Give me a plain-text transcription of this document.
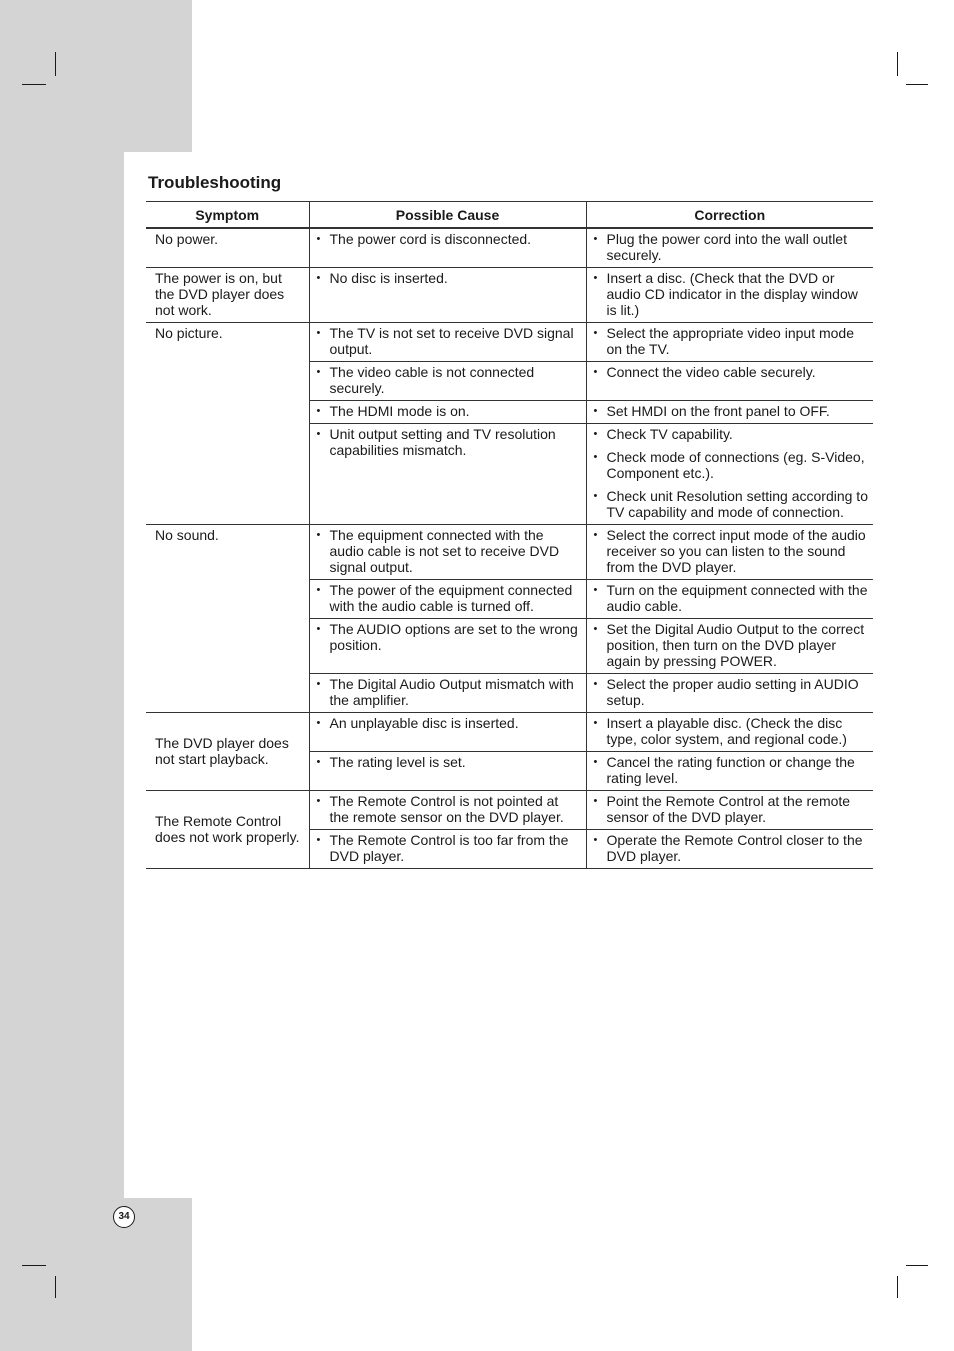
Troubleshooting
Symptom	Possible Cause	Correction
No power.	• The power cord is disconnected.	• Plug the power cord into the wall outlet securely.

The power is on, but the DVD player does not work.	• No disc is inserted.	• Insert a disc. (Check that the DVD or audio CD indicator in the display window is lit.)

No picture.	• The TV is not set to receive DVD signal output.	• Select the appropriate video input mode on the TV.

	• The video cable is not connected securely.	• Connect the video cable securely.

	• The HDMI mode is on.	• Set HMDI on the front panel to OFF.

	• Unit output setting and TV resolution capabilities mismatch.	• Check TV capability.
• Check mode of connections (eg. S-Video, Component etc.).
• Check unit Resolution setting according to TV capability and mode of connection.

No sound.	• The equipment connected with the audio cable is not set to receive DVD signal output.	• Select the correct input mode of the audio receiver so you can listen to the sound from the DVD player.

	• The power of the equipment connected with the audio cable is turned off.	• Turn on the equipment connected with the audio cable.

	• The AUDIO options are set to the wrong position.	• Set the Digital Audio Output to the correct position, then turn on the DVD player again by pressing POWER.

	• The Digital Audio Output mismatch with the amplifier.	• Select the proper audio setting in AUDIO setup.

The DVD player does not start playback.	• An unplayable disc is inserted.	• Insert a playable disc. (Check the disc type, color system, and regional code.)

	• The rating level is set.	• Cancel the rating function or change the rating level.

The Remote Control does not work properly.	• The Remote Control is not pointed at the remote sensor on the DVD player.	• Point the Remote Control at the remote sensor of the DVD player.

	• The Remote Control is too far from the DVD player.	• Operate the Remote Control closer to the DVD player.
34
